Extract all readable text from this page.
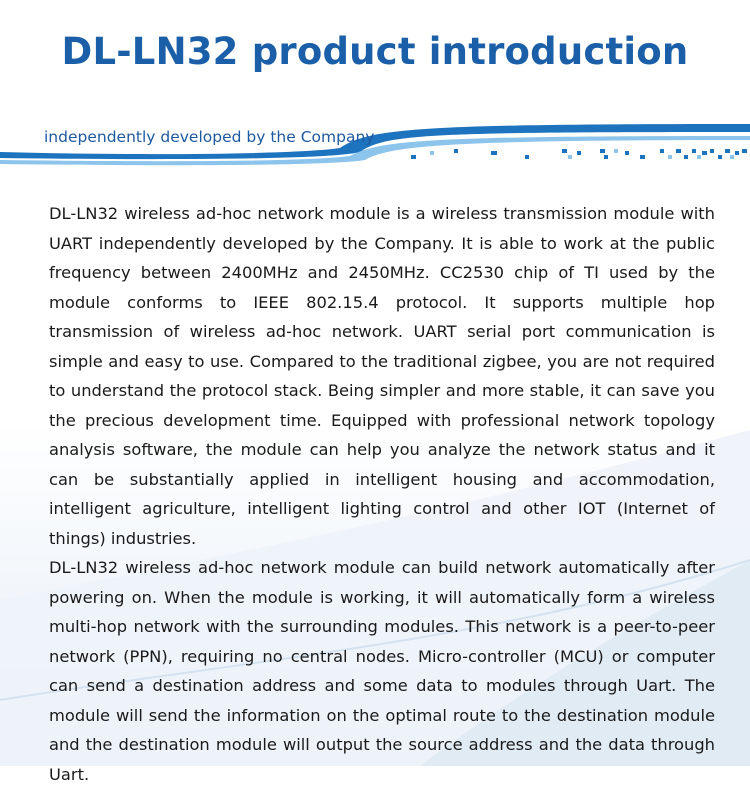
DL-LN32 product introduction
independently developed by the Company

DL-LN32 wireless ad-hoc network module is a wireless transmission module with UART independently developed by the Company. It is able to work at the public frequency between 2400MHz and 2450MHz. CC2530 chip of TI used by the module conforms to IEEE 802.15.4 protocol. It supports multiple hop transmission of wireless ad-hoc network. UART serial port communication is simple and easy to use. Compared to the traditional zigbee, you are not required to understand the protocol stack. Being simpler and more stable, it can save you the precious development time. Equipped with professional network topology analysis software, the module can help you analyze the network status and it can be substantially applied in intelligent housing and accommodation, intelligent agriculture, intelligent lighting control and other IOT (Internet of things) industries.

DL-LN32 wireless ad-hoc network module can build network automatically after powering on. When the module is working, it will automatically form a wireless multi-hop network with the surrounding modules. This network is a peer-to-peer network (PPN), requiring no central nodes. Micro-controller (MCU) or computer can send a destination address and some data to modules through Uart. The module will send the information on the optimal route to the destination module and the destination module will output the source address and the data through Uart.
